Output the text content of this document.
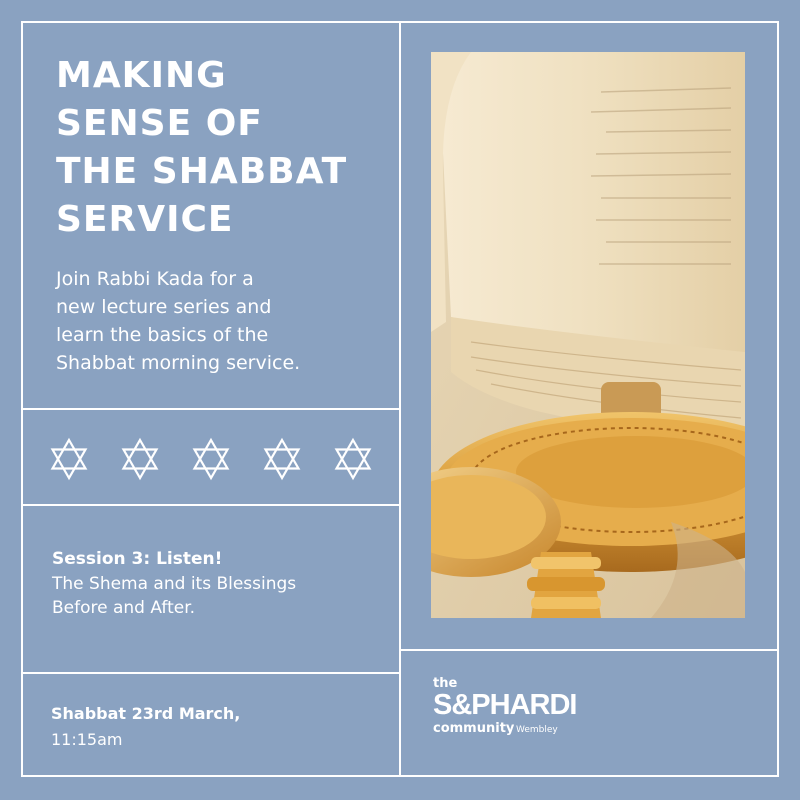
MAKING
SENSE OF
THE SHABBAT
SERVICE

Join Rabbi Kada for a
new lecture series and
learn the basics of the
Shabbat morning service.

Session 3: Listen!

The Shema and its Blessings
Before and After.

Shabbat 23rd March,

11:15am

the
S&PHARDI
community Wembley
